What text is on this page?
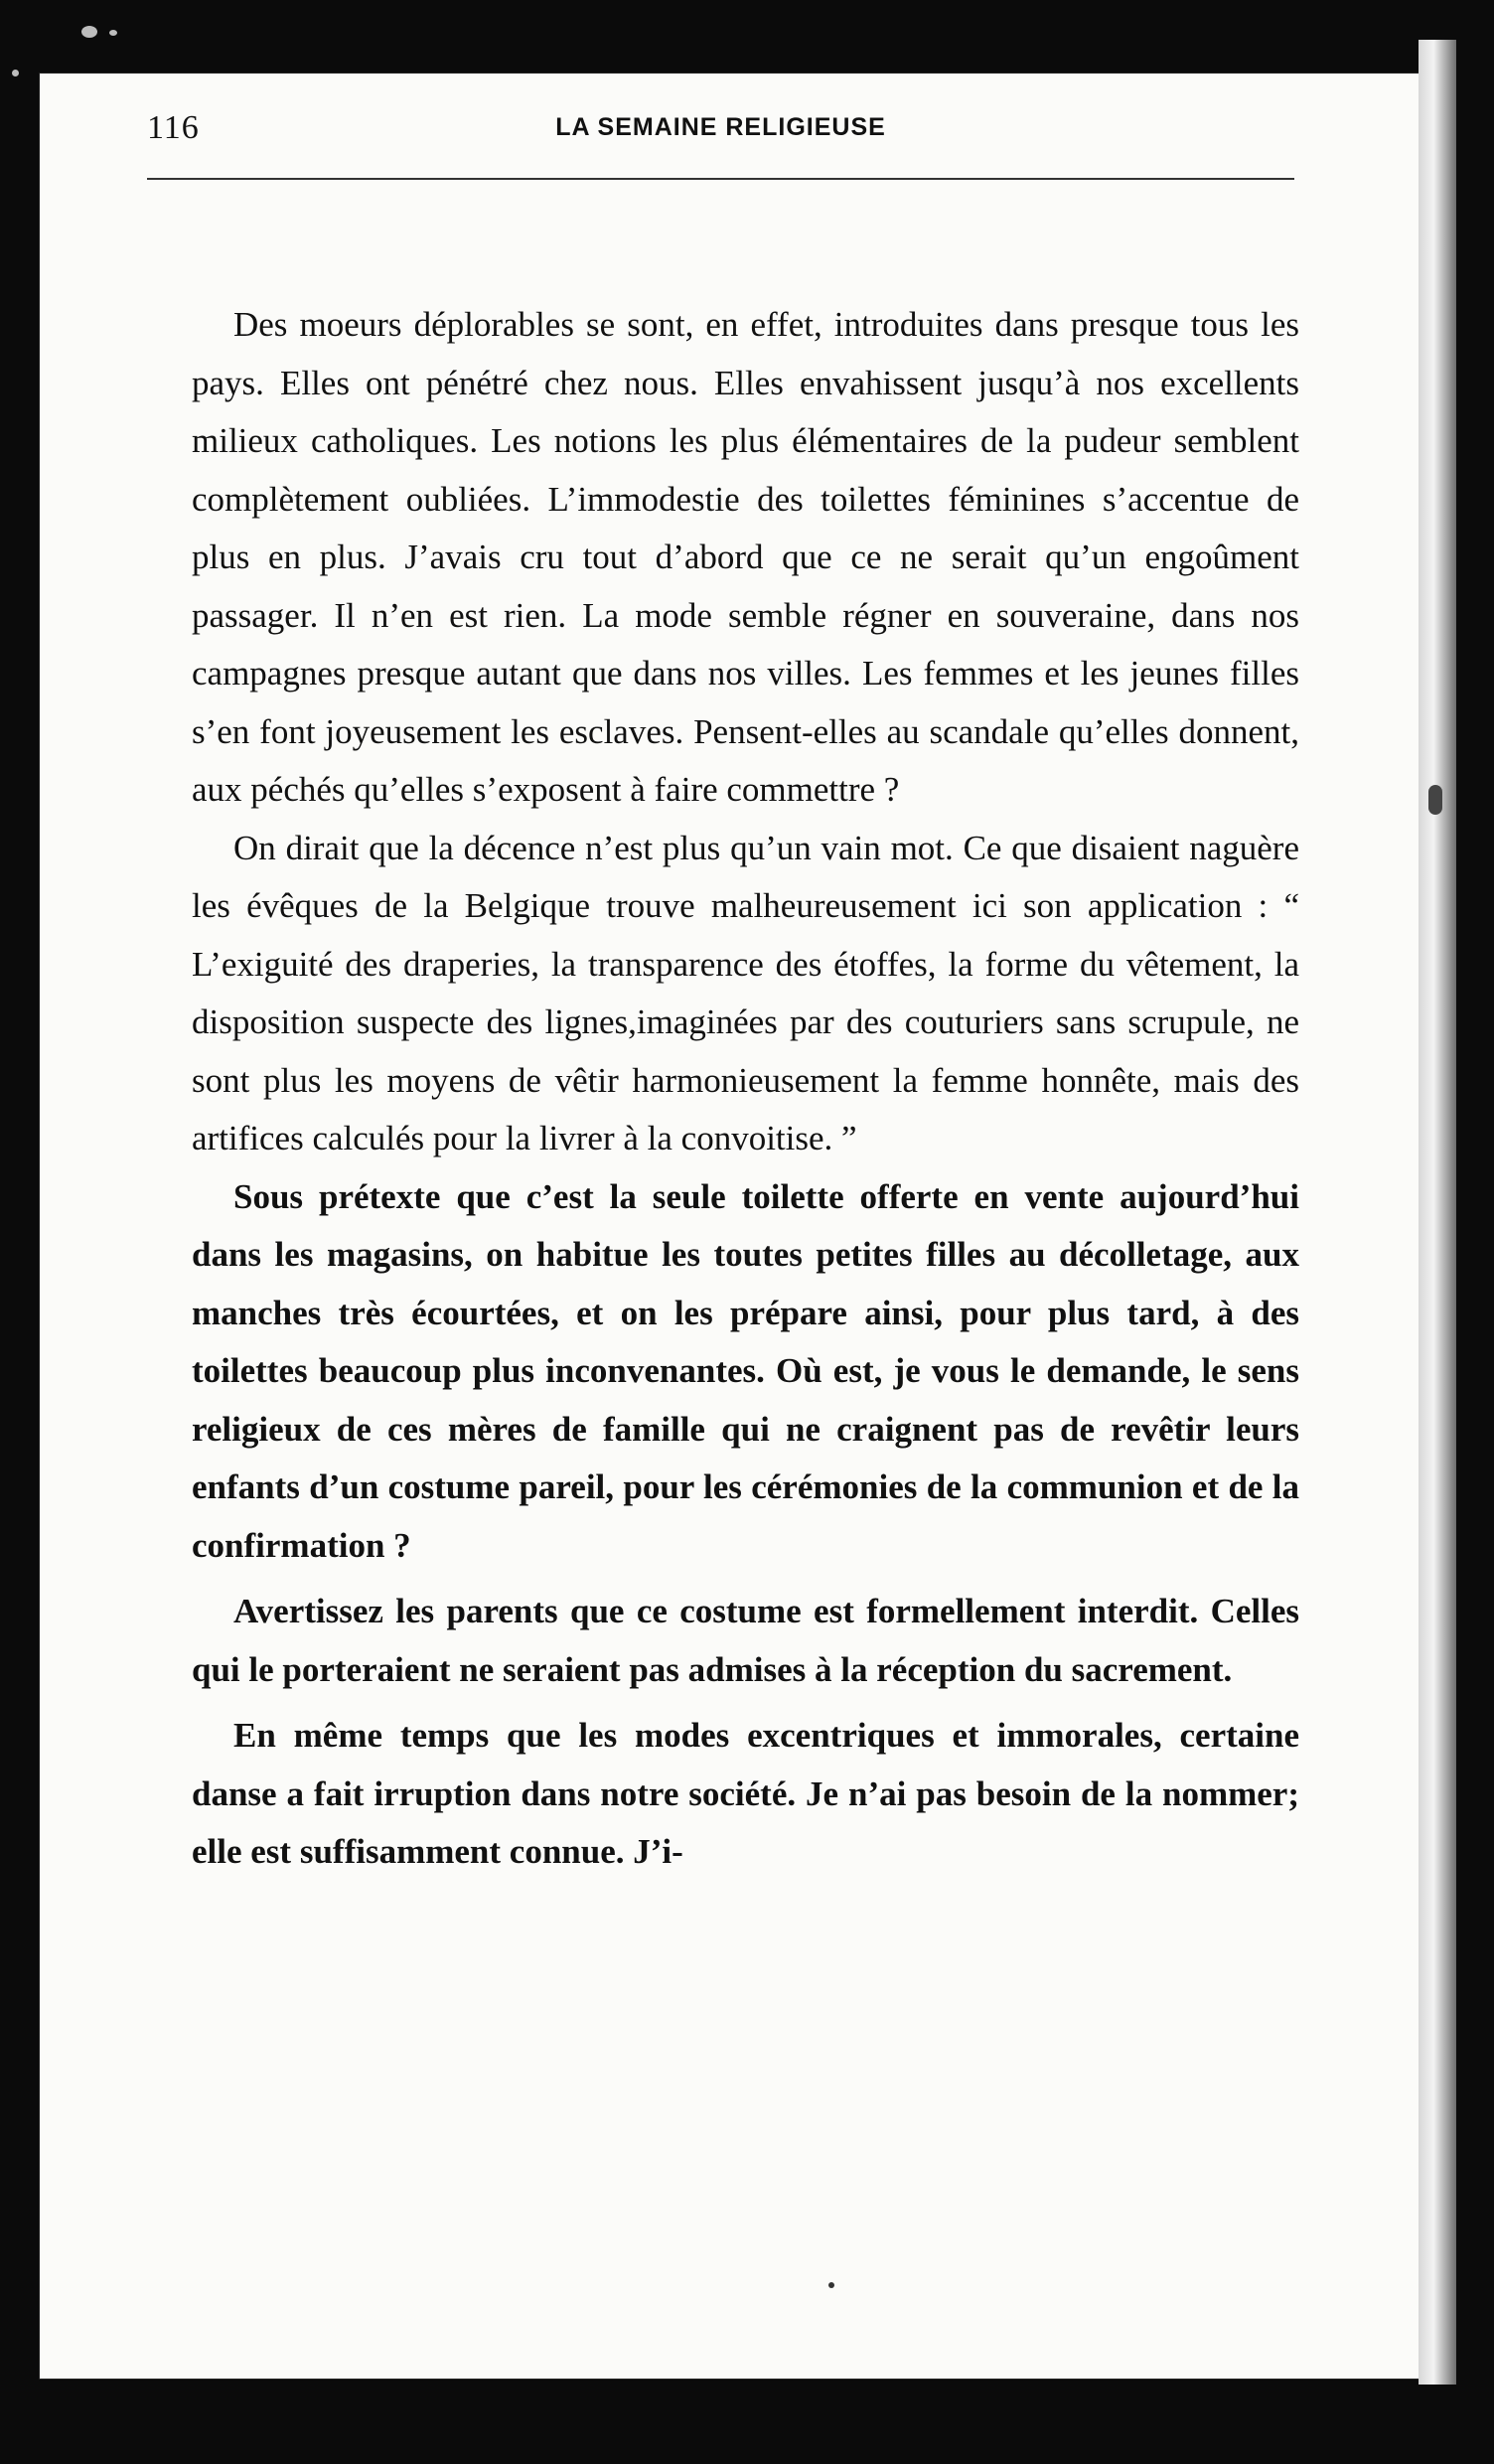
116	LA SEMAINE RELIGIEUSE

Des moeurs déplorables se sont, en effet, introduites dans presque tous les pays. Elles ont pénétré chez nous. Elles envahissent jusqu’à nos excellents milieux catholiques. Les notions les plus élémentaires de la pudeur semblent complètement oubliées. L’immodestie des toilettes féminines s’accentue de plus en plus. J’avais cru tout d’abord que ce ne serait qu’un engoûment passager. Il n’en est rien. La mode semble régner en souveraine, dans nos campagnes presque autant que dans nos villes. Les femmes et les jeunes filles s’en font joyeusement les esclaves. Pensent-elles au scandale qu’elles donnent, aux péchés qu’elles s’exposent à faire commettre ?

On dirait que la décence n’est plus qu’un vain mot. Ce que disaient naguère les évêques de la Belgique trouve malheureusement ici son application : “ L’exiguité des draperies, la transparence des étoffes, la forme du vêtement, la disposition suspecte des lignes,imaginées par des couturiers sans scrupule, ne sont plus les moyens de vêtir harmonieusement la femme honnête, mais des artifices calculés pour la livrer à la convoitise. ”

Sous prétexte que c’est la seule toilette offerte en vente aujourd’hui dans les magasins, on habitue les toutes petites filles au décolletage, aux manches très écourtées, et on les prépare ainsi, pour plus tard, à des toilettes beaucoup plus inconvenantes. Où est, je vous le demande, le sens religieux de ces mères de famille qui ne craignent pas de revêtir leurs enfants d’un costume pareil, pour les cérémonies de la communion et de la confirmation ?

Avertissez les parents que ce costume est formellement interdit. Celles qui le porteraient ne seraient pas admises à la réception du sacrement.

En même temps que les modes excentriques et immorales, certaine danse a fait irruption dans notre société. Je n’ai pas besoin de la nommer; elle est suffisamment connue. J’i-
